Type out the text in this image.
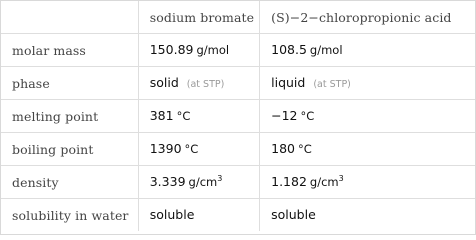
	sodium bromate	(S)−2−chloropropionic acid
molar mass	150.89 g/mol	108.5 g/mol
phase	solid (at STP)	liquid (at STP)
melting point	381 °C	−12 °C
boiling point	1390 °C	180 °C
density	3.339 $g/cm^3$	1.182 $g/cm^3$
solubility in water	soluble	soluble
